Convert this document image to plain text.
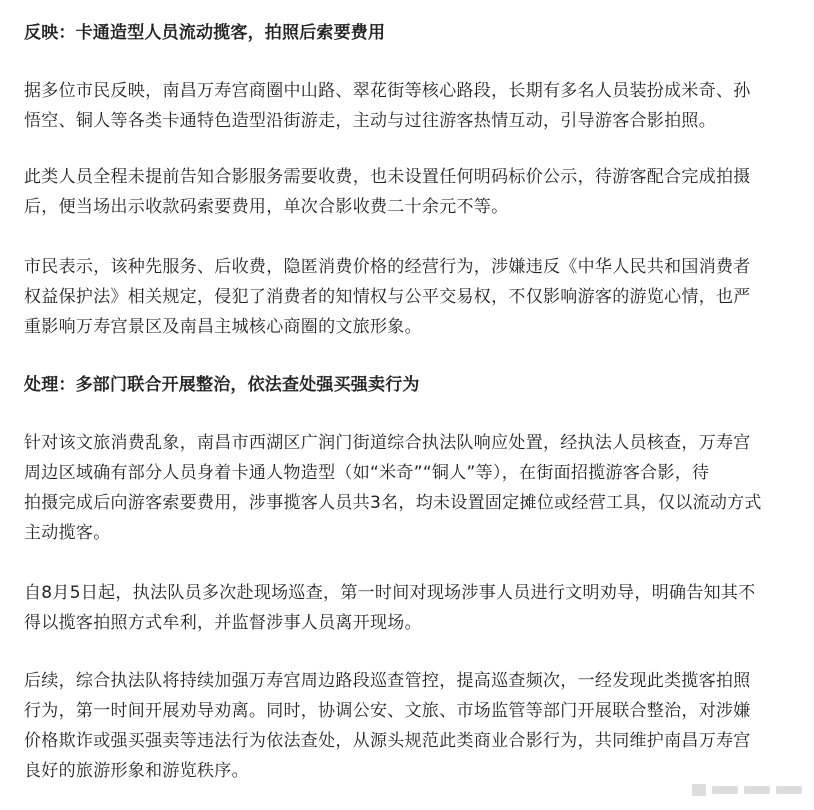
反映：卡通造型人员流动揽客，拍照后索要费用

据多位市民反映，南昌万寿宫商圈中山路、翠花街等核心路段，长期有多名人员装扮成米奇、孙

悟空、铜人等各类卡通特色造型沿街游走，主动与过往游客热情互动，引导游客合影拍照。

此类人员全程未提前告知合影服务需要收费，也未设置任何明码标价公示，待游客配合完成拍摄

后，便当场出示收款码索要费用，单次合影收费二十余元不等。

市民表示，该种先服务、后收费，隐匿消费价格的经营行为，涉嫌违反《中华人民共和国消费者

权益保护法》相关规定，侵犯了消费者的知情权与公平交易权，不仅影响游客的游览心情，也严

重影响万寿宫景区及南昌主城核心商圈的文旅形象。

处理：多部门联合开展整治，依法查处强买强卖行为

针对该文旅消费乱象，南昌市西湖区广润门街道综合执法队响应处置，经执法人员核查，万寿宫

周边区域确有部分人员身着卡通人物造型（如“米奇”“铜人”等），在街面招揽游客合影，待

拍摄完成后向游客索要费用，涉事揽客人员共3名，均未设置固定摊位或经营工具，仅以流动方式

主动揽客。

自8月5日起，执法队员多次赴现场巡查，第一时间对现场涉事人员进行文明劝导，明确告知其不

得以揽客拍照方式牟利，并监督涉事人员离开现场。

后续，综合执法队将持续加强万寿宫周边路段巡查管控，提高巡查频次，一经发现此类揽客拍照

行为，第一时间开展劝导劝离。同时，协调公安、文旅、市场监管等部门开展联合整治，对涉嫌

价格欺诈或强买强卖等违法行为依法查处，从源头规范此类商业合影行为，共同维护南昌万寿宫

良好的旅游形象和游览秩序。
